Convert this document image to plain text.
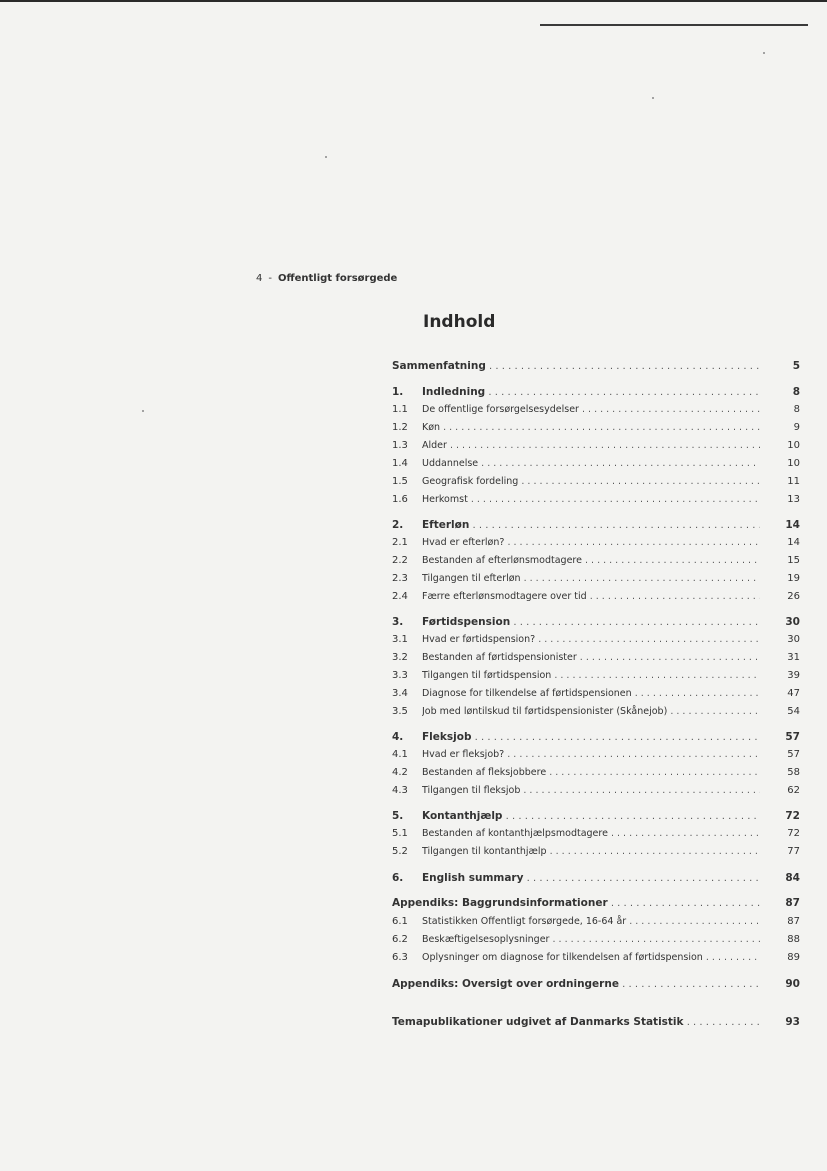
4 - Offentligt forsørgede
Indhold
Sammenfatning . . .	5
1.	Indledning . . .	8
1.1	De offentlige forsørgelsesydelser . . .	8
1.2	Køn . . .	9
1.3	Alder . . .	10
1.4	Uddannelse . . .	10
1.5	Geografisk fordeling . . .	11
1.6	Herkomst . . .	13
2.	Efterløn . . .	14
2.1	Hvad er efterløn? . . .	14
2.2	Bestanden af efterlønsmodtagere . . .	15
2.3	Tilgangen til efterløn . . .	19
2.4	Færre efterlønsmodtagere over tid . . .	26
3.	Førtidspension . . .	30
3.1	Hvad er førtidspension? . . .	30
3.2	Bestanden af førtidspensionister . . .	31
3.3	Tilgangen til førtidspension . . .	39
3.4	Diagnose for tilkendelse af førtidspensionen . . .	47
3.5	Job med løntilskud til førtidspensionister (Skånejob) . . .	54
4.	Fleksjob . . .	57
4.1	Hvad er fleksjob? . . .	57
4.2	Bestanden af fleksjobbere . . .	58
4.3	Tilgangen til fleksjob . . .	62
5.	Kontanthjælp . . .	72
5.1	Bestanden af kontanthjælpsmodtagere . . .	72
5.2	Tilgangen til kontanthjælp . . .	77
6.	English summary . . .	84
Appendiks: Baggrundsinformationer . . .	87
6.1	Statistikken Offentligt forsørgede, 16-64 år . . .	87
6.2	Beskæftigelsesoplysninger . . .	88
6.3	Oplysninger om diagnose for tilkendelsen af førtidspension . . .	89
Appendiks: Oversigt over ordningerne . . .	90
Temapublikationer udgivet af Danmarks Statistik . . .	93
